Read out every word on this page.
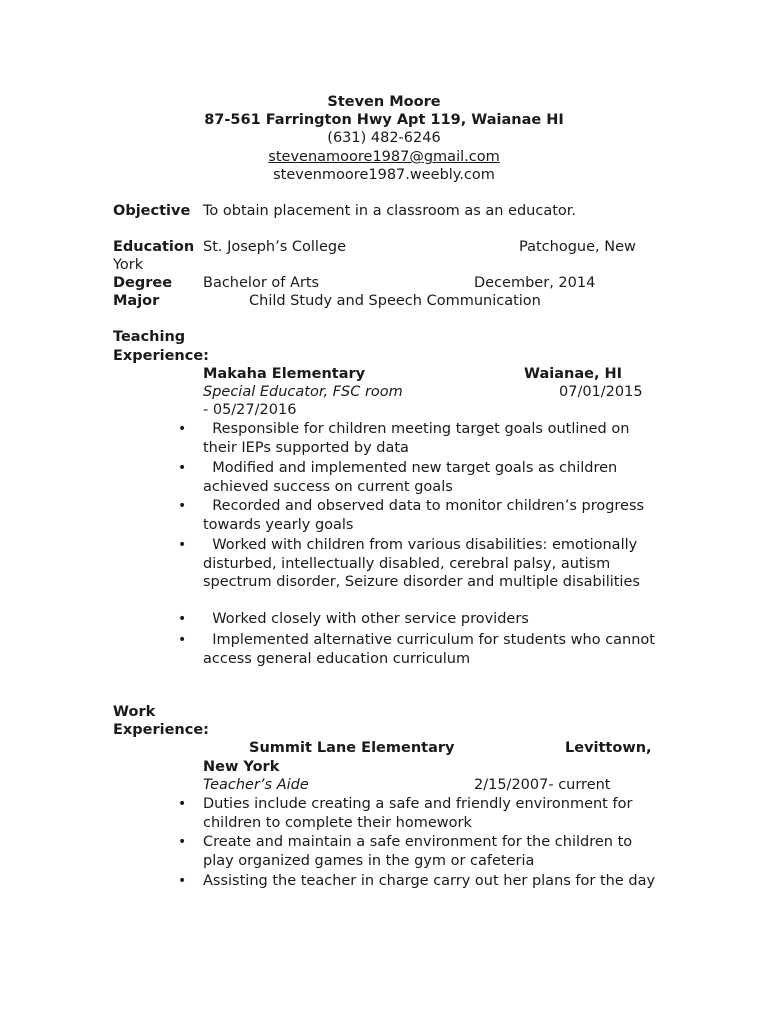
Steven Moore
87-561 Farrington Hwy Apt 119, Waianae HI
(631) 482-6246
stevenamoore1987@gmail.com
stevenmoore1987.weebly.com
Objective To obtain placement in a classroom as an educator.
Education St. Joseph’s College	Patchogue, New
York
Degree Bachelor of Arts	December, 2014
Major	Child Study and Speech Communication
Teaching
Experience:
Makaha Elementary	Waianae, HI
Special Educator, FSC room	07/01/2015
- 05/27/2016
• Responsible for children meeting target goals outlined on their IEPs supported by data
• Modified and implemented new target goals as children achieved success on current goals
• Recorded and observed data to monitor children’s progress towards yearly goals
• Worked with children from various disabilities: emotionally disturbed, intellectually disabled, cerebral palsy, autism spectrum disorder, Seizure disorder and multiple disabilities
• Worked closely with other service providers
• Implemented alternative curriculum for students who cannot access general education curriculum
Work
Experience:
Summit Lane Elementary	Levittown,
New York
Teacher’s Aide	2/15/2007- current
• Duties include creating a safe and friendly environment for children to complete their homework
• Create and maintain a safe environment for the children to play organized games in the gym or cafeteria
• Assisting the teacher in charge carry out her plans for the day
